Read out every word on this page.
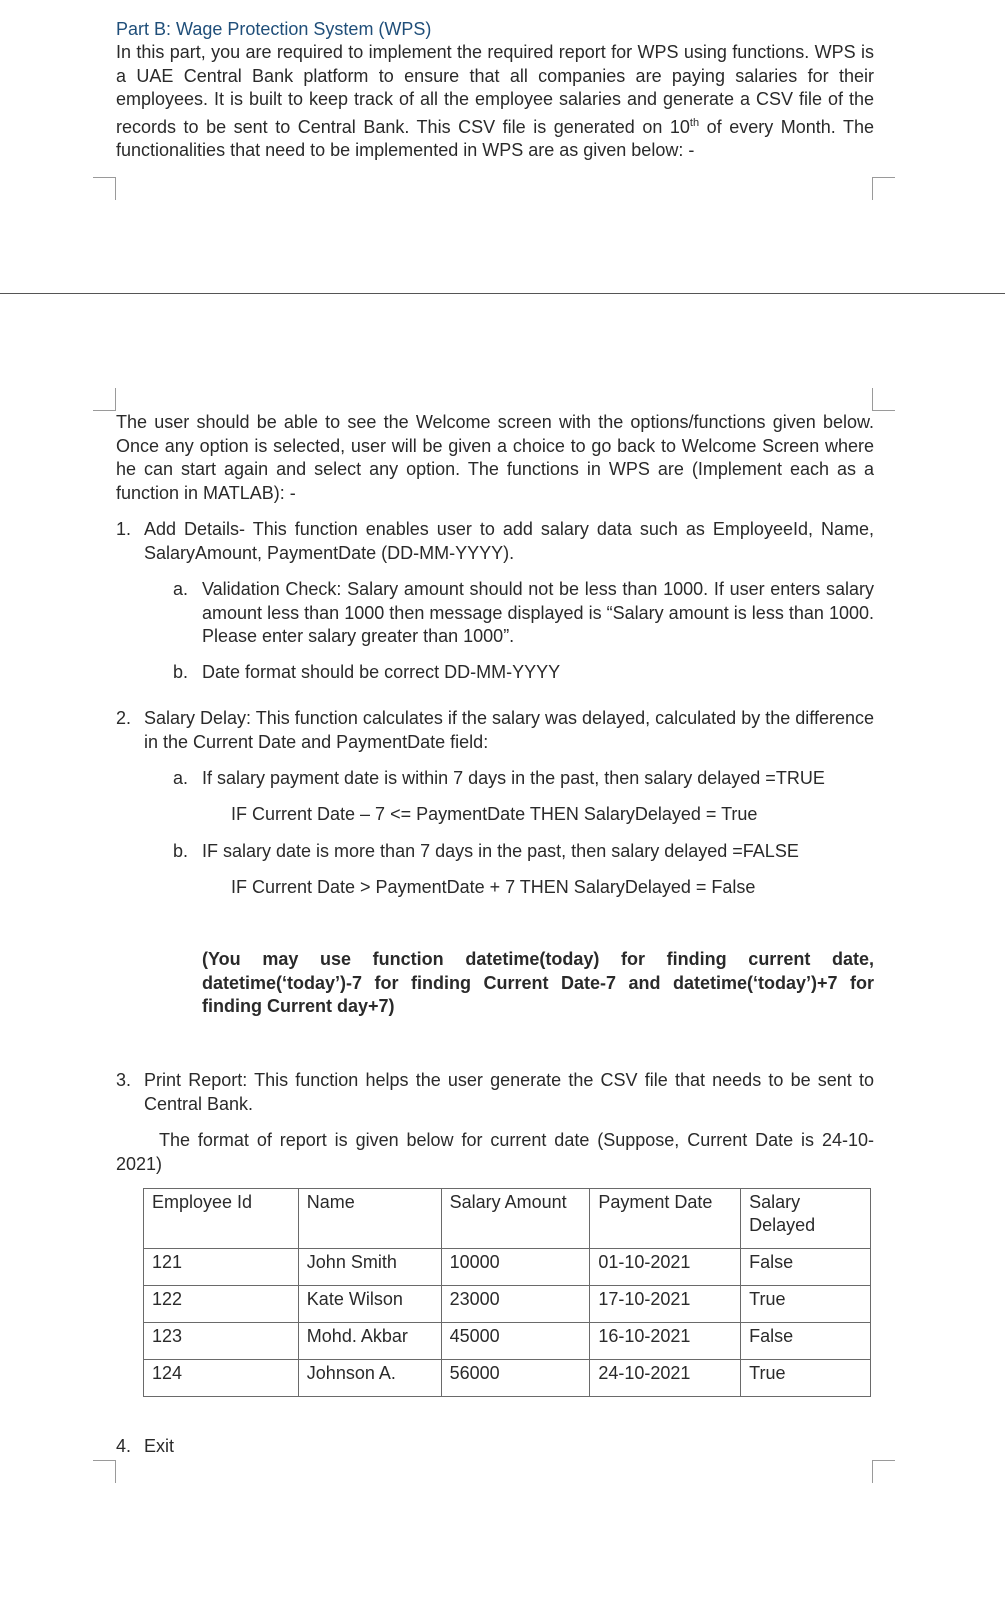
Part B: Wage Protection System (WPS)
In this part, you are required to implement the required report for WPS using functions. WPS is a UAE Central Bank platform to ensure that all companies are paying salaries for their employees. It is built to keep track of all the employee salaries and generate a CSV file of the records to be sent to Central Bank. This CSV file is generated on 10th of every Month. The functionalities that need to be implemented in WPS are as given below: -
The user should be able to see the Welcome screen with the options/functions given below. Once any option is selected, user will be given a choice to go back to Welcome Screen where he can start again and select any option. The functions in WPS are (Implement each as a function in MATLAB): -
1. Add Details- This function enables user to add salary data such as EmployeeId, Name, SalaryAmount, PaymentDate (DD-MM-YYYY).
a. Validation Check: Salary amount should not be less than 1000. If user enters salary amount less than 1000 then message displayed is “Salary amount is less than 1000. Please enter salary greater than 1000”.
b. Date format should be correct DD-MM-YYYY
2. Salary Delay: This function calculates if the salary was delayed, calculated by the difference in the Current Date and PaymentDate field:
a. If salary payment date is within 7 days in the past, then salary delayed =TRUE
IF Current Date – 7 <= PaymentDate THEN SalaryDelayed = True
b. IF salary date is more than 7 days in the past, then salary delayed =FALSE
IF Current Date > PaymentDate + 7 THEN SalaryDelayed = False
(You may use function datetime(today) for finding current date, datetime(‘today’)-7 for finding Current Date-7 and datetime(‘today’)+7 for finding Current day+7)
3. Print Report: This function helps the user generate the CSV file that needs to be sent to Central Bank.
The format of report is given below for current date (Suppose, Current Date is 24-10-2021)
Employee Id	Name	Salary Amount	Payment Date	Salary Delayed
121	John Smith	10000	01-10-2021	False
122	Kate Wilson	23000	17-10-2021	True
123	Mohd. Akbar	45000	16-10-2021	False
124	Johnson A.	56000	24-10-2021	True
4. Exit
